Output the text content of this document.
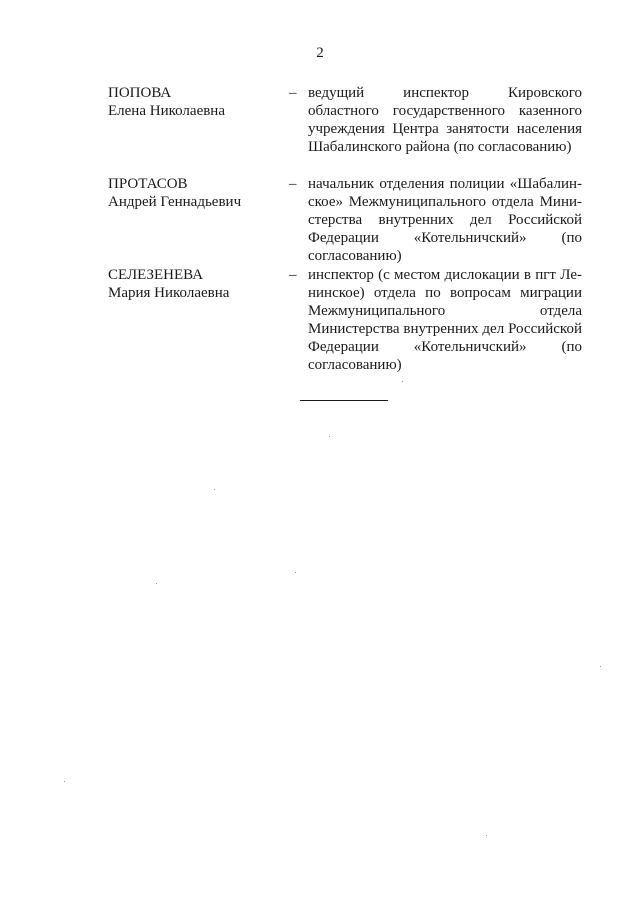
2
ПОПОВА
Елена Николаевна
– ведущий инспектор Кировского областного государственного казенного учреждения Центра занятости населения Шабалинского района (по согласованию)
ПРОТАСОВ
Андрей Геннадьевич
– начальник отделения полиции «Шабалинское» Межмуниципального отдела Министерства внутренних дел Российской Федерации «Котельничский» (по согласованию)
СЕЛЕЗЕНЕВА
Мария Николаевна
– инспектор (с местом дислокации в пгт Ленинское) отдела по вопросам миграции Межмуниципального отдела Министерства внутренних дел Российской Федерации «Котельничский» (по согласованию)
